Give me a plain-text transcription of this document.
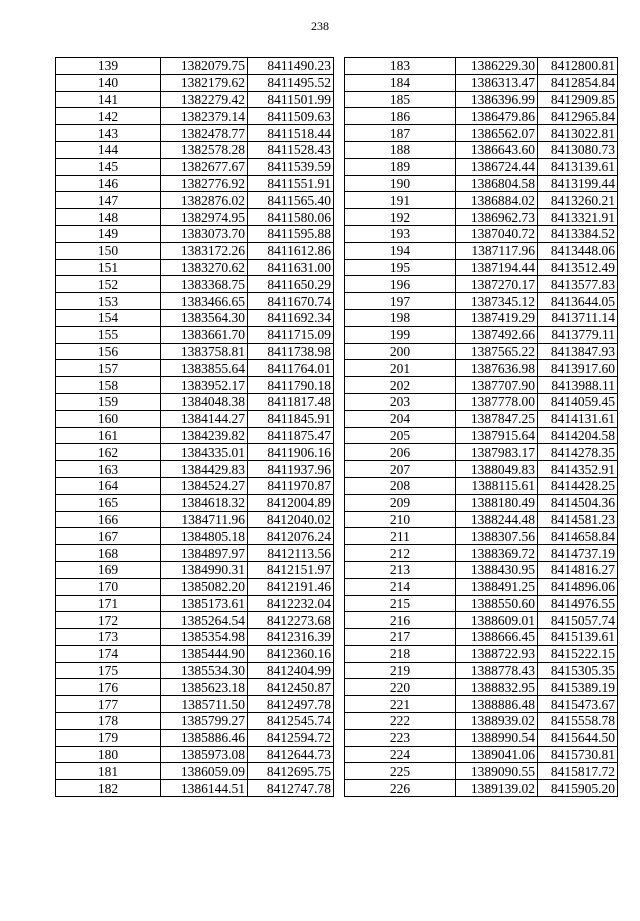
238
139	1382079.75	8411490.23
140	1382179.62	8411495.52
141	1382279.42	8411501.99
142	1382379.14	8411509.63
143	1382478.77	8411518.44
144	1382578.28	8411528.43
145	1382677.67	8411539.59
146	1382776.92	8411551.91
147	1382876.02	8411565.40
148	1382974.95	8411580.06
149	1383073.70	8411595.88
150	1383172.26	8411612.86
151	1383270.62	8411631.00
152	1383368.75	8411650.29
153	1383466.65	8411670.74
154	1383564.30	8411692.34
155	1383661.70	8411715.09
156	1383758.81	8411738.98
157	1383855.64	8411764.01
158	1383952.17	8411790.18
159	1384048.38	8411817.48
160	1384144.27	8411845.91
161	1384239.82	8411875.47
162	1384335.01	8411906.16
163	1384429.83	8411937.96
164	1384524.27	8411970.87
165	1384618.32	8412004.89
166	1384711.96	8412040.02
167	1384805.18	8412076.24
168	1384897.97	8412113.56
169	1384990.31	8412151.97
170	1385082.20	8412191.46
171	1385173.61	8412232.04
172	1385264.54	8412273.68
173	1385354.98	8412316.39
174	1385444.90	8412360.16
175	1385534.30	8412404.99
176	1385623.18	8412450.87
177	1385711.50	8412497.78
178	1385799.27	8412545.74
179	1385886.46	8412594.72
180	1385973.08	8412644.73
181	1386059.09	8412695.75
182	1386144.51	8412747.78
183	1386229.30	8412800.81
184	1386313.47	8412854.84
185	1386396.99	8412909.85
186	1386479.86	8412965.84
187	1386562.07	8413022.81
188	1386643.60	8413080.73
189	1386724.44	8413139.61
190	1386804.58	8413199.44
191	1386884.02	8413260.21
192	1386962.73	8413321.91
193	1387040.72	8413384.52
194	1387117.96	8413448.06
195	1387194.44	8413512.49
196	1387270.17	8413577.83
197	1387345.12	8413644.05
198	1387419.29	8413711.14
199	1387492.66	8413779.11
200	1387565.22	8413847.93
201	1387636.98	8413917.60
202	1387707.90	8413988.11
203	1387778.00	8414059.45
204	1387847.25	8414131.61
205	1387915.64	8414204.58
206	1387983.17	8414278.35
207	1388049.83	8414352.91
208	1388115.61	8414428.25
209	1388180.49	8414504.36
210	1388244.48	8414581.23
211	1388307.56	8414658.84
212	1388369.72	8414737.19
213	1388430.95	8414816.27
214	1388491.25	8414896.06
215	1388550.60	8414976.55
216	1388609.01	8415057.74
217	1388666.45	8415139.61
218	1388722.93	8415222.15
219	1388778.43	8415305.35
220	1388832.95	8415389.19
221	1388886.48	8415473.67
222	1388939.02	8415558.78
223	1388990.54	8415644.50
224	1389041.06	8415730.81
225	1389090.55	8415817.72
226	1389139.02	8415905.20
